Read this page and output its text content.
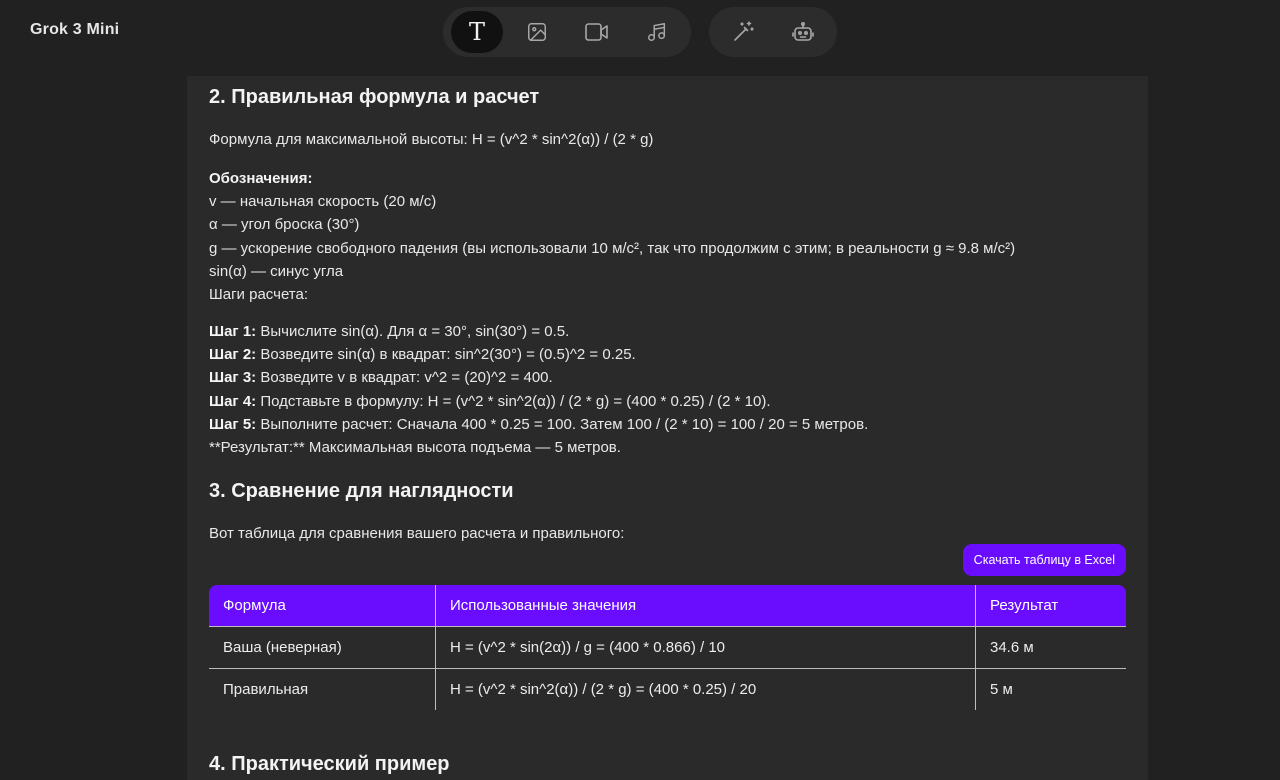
Grok 3 Mini	T
2. Правильная формула и расчет
Формула для максимальной высоты: H = (v^2 * sin^2(α)) / (2 * g)
Обозначения:
v — начальная скорость (20 м/с)
α — угол броска (30°)
g — ускорение свободного падения (вы использовали 10 м/с², так что продолжим с этим; в реальности g ≈ 9.8 м/с²)
sin(α) — синус угла
Шаги расчета:
Шаг 1: Вычислите sin(α). Для α = 30°, sin(30°) = 0.5.
Шаг 2: Возведите sin(α) в квадрат: sin^2(30°) = (0.5)^2 = 0.25.
Шаг 3: Возведите v в квадрат: v^2 = (20)^2 = 400.
Шаг 4: Подставьте в формулу: H = (v^2 * sin^2(α)) / (2 * g) = (400 * 0.25) / (2 * 10).
Шаг 5: Выполните расчет: Сначала 400 * 0.25 = 100. Затем 100 / (2 * 10) = 100 / 20 = 5 метров.
**Результат:** Максимальная высота подъема — 5 метров.
3. Сравнение для наглядности
Вот таблица для сравнения вашего расчета и правильного:
Скачать таблицу в Excel
Формула	Использованные значения	Результат
Ваша (неверная)	H = (v^2 * sin(2α)) / g = (400 * 0.866) / 10	34.6 м
Правильная	H = (v^2 * sin^2(α)) / (2 * g) = (400 * 0.25) / 20	5 м
4. Практический пример
